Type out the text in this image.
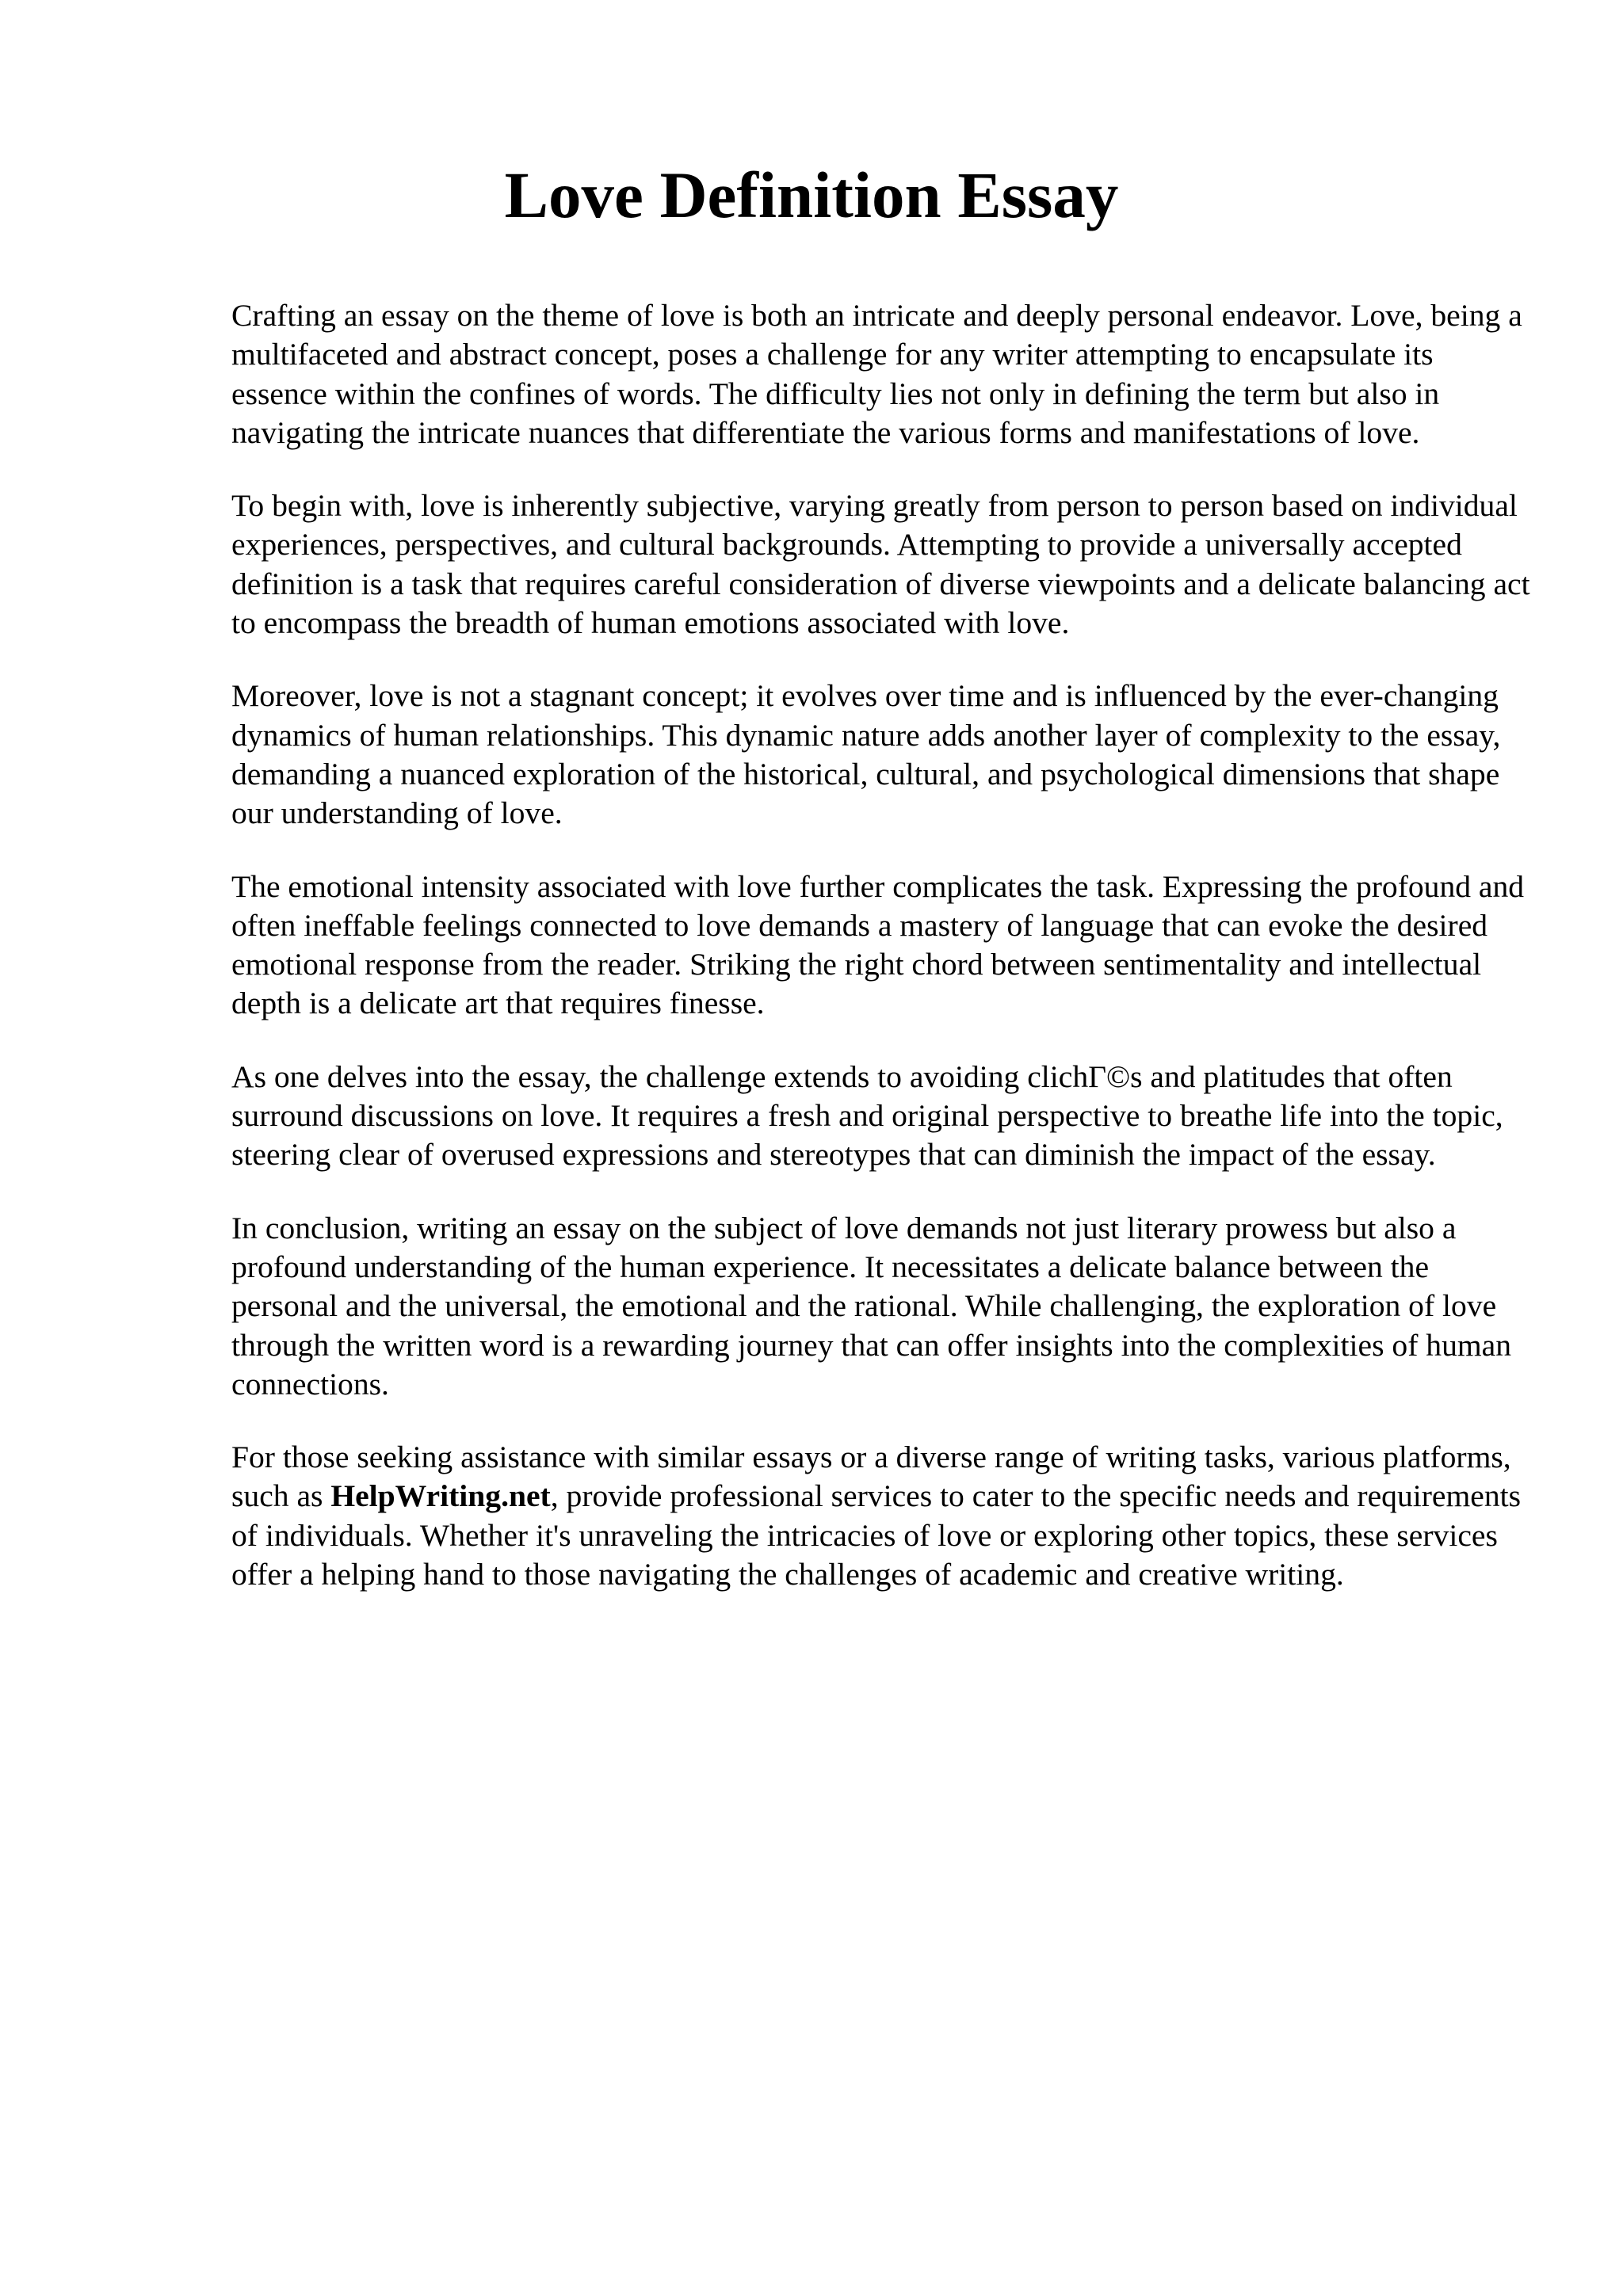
Love Definition Essay

Crafting an essay on the theme of love is both an intricate and deeply personal endeavor. Love, being a multifaceted and abstract concept, poses a challenge for any writer attempting to encapsulate its essence within the confines of words. The difficulty lies not only in defining the term but also in navigating the intricate nuances that differentiate the various forms and manifestations of love.

To begin with, love is inherently subjective, varying greatly from person to person based on individual experiences, perspectives, and cultural backgrounds. Attempting to provide a universally accepted definition is a task that requires careful consideration of diverse viewpoints and a delicate balancing act to encompass the breadth of human emotions associated with love.

Moreover, love is not a stagnant concept; it evolves over time and is influenced by the ever-changing dynamics of human relationships. This dynamic nature adds another layer of complexity to the essay, demanding a nuanced exploration of the historical, cultural, and psychological dimensions that shape our understanding of love.

The emotional intensity associated with love further complicates the task. Expressing the profound and often ineffable feelings connected to love demands a mastery of language that can evoke the desired emotional response from the reader. Striking the right chord between sentimentality and intellectual depth is a delicate art that requires finesse.

As one delves into the essay, the challenge extends to avoiding clichΓ©s and platitudes that often surround discussions on love. It requires a fresh and original perspective to breathe life into the topic, steering clear of overused expressions and stereotypes that can diminish the impact of the essay.

In conclusion, writing an essay on the subject of love demands not just literary prowess but also a profound understanding of the human experience. It necessitates a delicate balance between the personal and the universal, the emotional and the rational. While challenging, the exploration of love through the written word is a rewarding journey that can offer insights into the complexities of human connections.

For those seeking assistance with similar essays or a diverse range of writing tasks, various platforms, such as HelpWriting.net, provide professional services to cater to the specific needs and requirements of individuals. Whether it's unraveling the intricacies of love or exploring other topics, these services offer a helping hand to those navigating the challenges of academic and creative writing.
